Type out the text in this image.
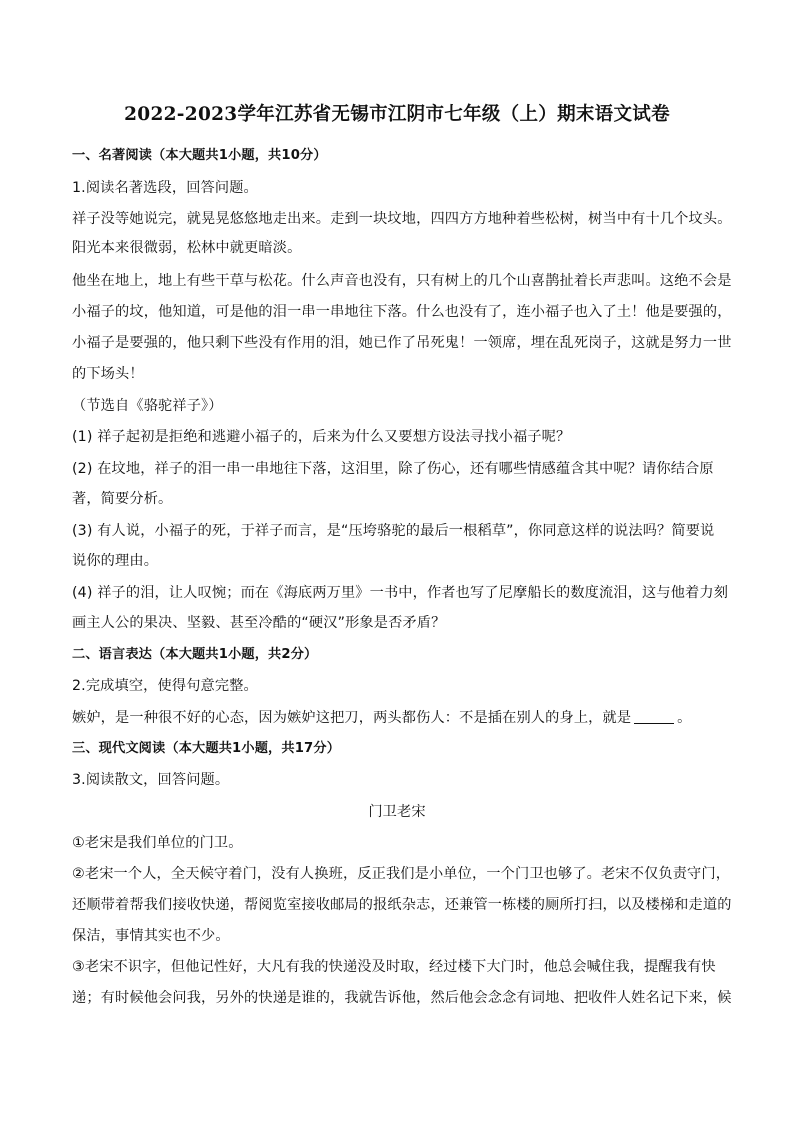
2022-2023学年江苏省无锡市江阴市七年级（上）期末语文试卷
一、名著阅读（本大题共1小题，共10分）
1.阅读名著选段，回答问题。
祥子没等她说完，就晃晃悠悠地走出来。走到一块坟地，四四方方地种着些松树，树当中有十几个坟头。
阳光本来很微弱，松林中就更暗淡。
他坐在地上，地上有些干草与松花。什么声音也没有，只有树上的几个山喜鹊扯着长声悲叫。这绝不会是
小福子的坟，他知道，可是他的泪一串一串地往下落。什么也没有了，连小福子也入了土！他是要强的，
小福子是要强的，他只剩下些没有作用的泪，她已作了吊死鬼！一领席，埋在乱死岗子，这就是努力一世
的下场头！
（节选自《骆驼祥子》）
(1) 祥子起初是拒绝和逃避小福子的，后来为什么又要想方设法寻找小福子呢？
(2) 在坟地，祥子的泪一串一串地往下落，这泪里，除了伤心，还有哪些情感蕴含其中呢？请你结合原
著，简要分析。
(3) 有人说，小福子的死，于祥子而言，是“压垮骆驼的最后一根稻草”，你同意这样的说法吗？简要说
说你的理由。
(4) 祥子的泪，让人叹惋；而在《海底两万里》一书中，作者也写了尼摩船长的数度流泪，这与他着力刻
画主人公的果决、坚毅、甚至冷酷的“硬汉”形象是否矛盾？
二、语言表达（本大题共1小题，共2分）
2.完成填空，使得句意完整。
嫉妒，是一种很不好的心态，因为嫉妒这把刀，两头都伤人：不是插在别人的身上，就是	。
三、现代文阅读（本大题共1小题，共17分）
3.阅读散文，回答问题。
门卫老宋
①老宋是我们单位的门卫。
②老宋一个人，全天候守着门，没有人换班，反正我们是小单位，一个门卫也够了。老宋不仅负责守门，
还顺带着帮我们接收快递，帮阅览室接收邮局的报纸杂志，还兼管一栋楼的厕所打扫，以及楼梯和走道的
保洁，事情其实也不少。
③老宋不识字，但他记性好，大凡有我的快递没及时取，经过楼下大门时，他总会喊住我，提醒我有快
递；有时候他会问我，另外的快递是谁的，我就告诉他，然后他会念念有词地、把收件人姓名记下来，候
